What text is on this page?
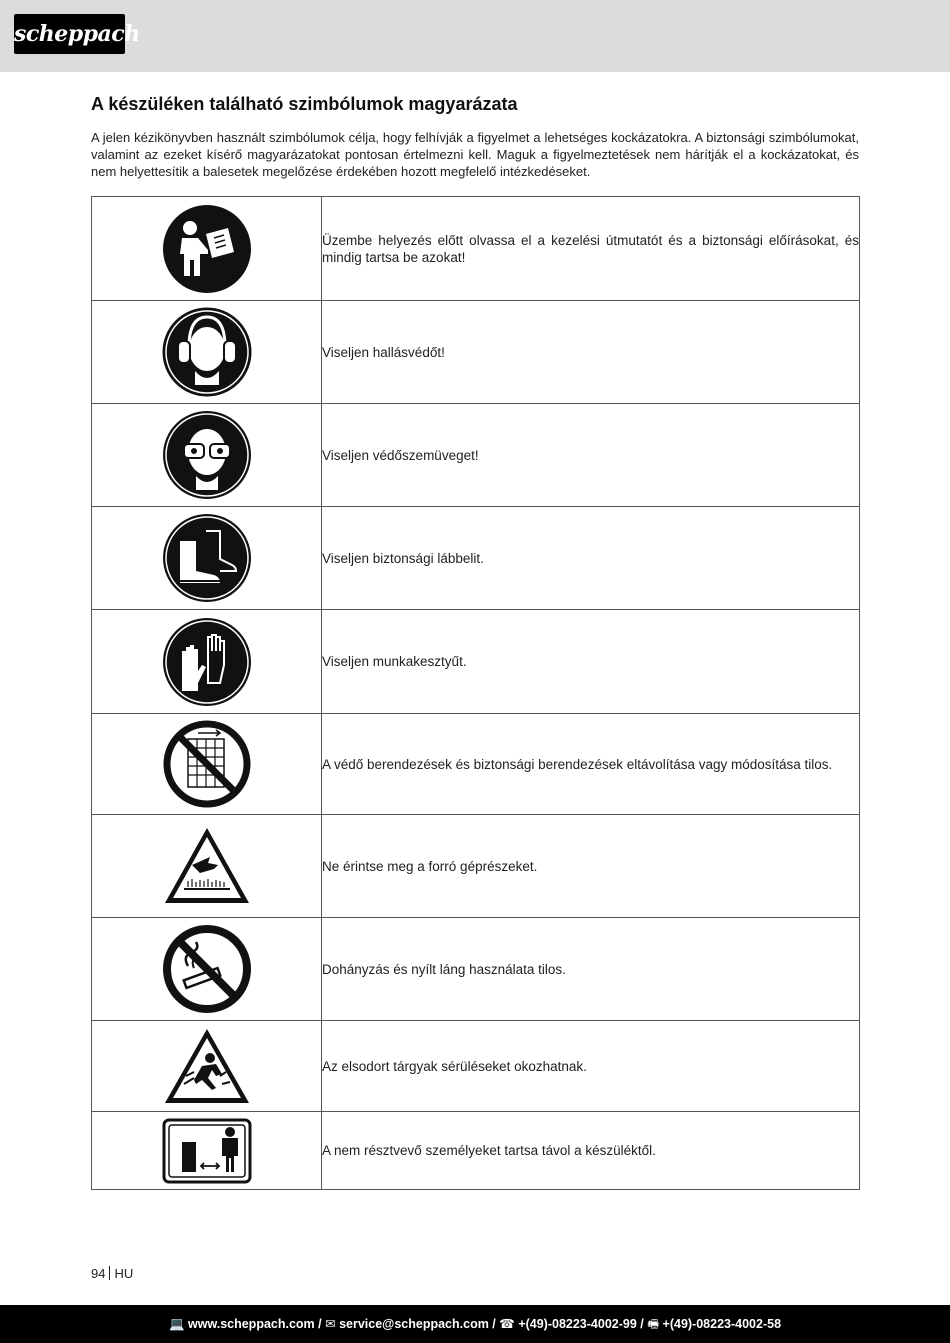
scheppach
A készüléken található szimbólumok magyarázata

A jelen kézikönyvben használt szimbólumok célja, hogy felhívják a figyelmet a lehetséges kockázatokra. A biztonsági szimbólumokat, valamint az ezeket kísérő magyarázatokat pontosan értelmezni kell. Maguk a figyelmeztetések nem hárítják el a kockázatokat, és nem helyettesítik a balesetek megelőzése érdekében hozott megfelelő intézkedéseket.

	Üzembe helyezés előtt olvassa el a kezelési útmutatót és a biztonsági előírásokat, és mindig tartsa be azokat!

	Viseljen hallásvédőt!

	Viseljen védőszemüveget!

	Viseljen biztonsági lábbelit.

	Viseljen munkakesztyűt.

	A védő berendezések és biztonsági berendezések eltávolítása vagy módosítása tilos.

	Ne érintse meg a forró géprészeket.

	Dohányzás és nyílt láng használata tilos.

	Az elsodort tárgyak sérüléseket okozhatnak.

	A nem résztvevő személyeket tartsa távol a készüléktől.
94 HU
💻 www.scheppach.com / ✉ service@scheppach.com / ☎ +(49)-08223-4002-99 / 🖷 +(49)-08223-4002-58
